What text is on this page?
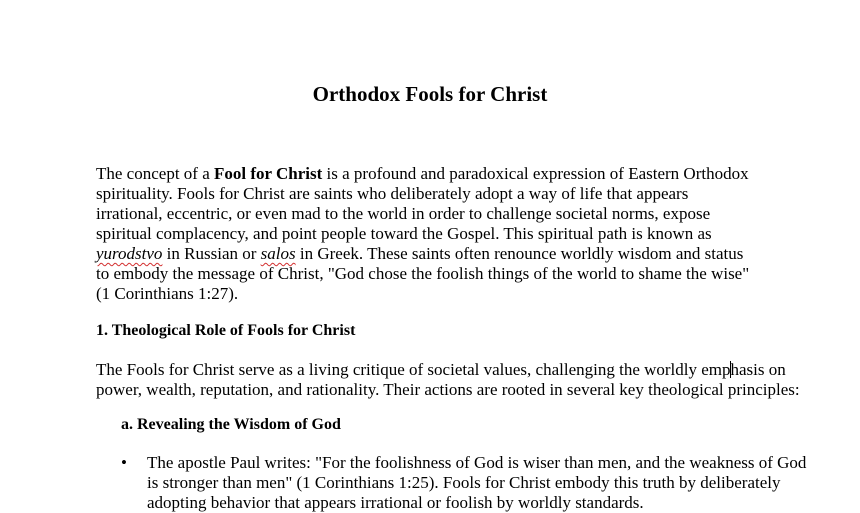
Orthodox Fools for Christ

The concept of a Fool for Christ is a profound and paradoxical expression of Eastern Orthodox
spirituality. Fools for Christ are saints who deliberately adopt a way of life that appears
irrational, eccentric, or even mad to the world in order to challenge societal norms, expose
spiritual complacency, and point people toward the Gospel. This spiritual path is known as
yurodstvo in Russian or salos in Greek. These saints often renounce worldly wisdom and status
to embody the message of Christ, "God chose the foolish things of the world to shame the wise"
(1 Corinthians 1:27).

1. Theological Role of Fools for Christ

The Fools for Christ serve as a living critique of societal values, challenging the worldly emphasis on
power, wealth, reputation, and rationality. Their actions are rooted in several key theological principles:

a. Revealing the Wisdom of God
• The apostle Paul writes: "For the foolishness of God is wiser than men, and the weakness of God
is stronger than men" (1 Corinthians 1:25). Fools for Christ embody this truth by deliberately
adopting behavior that appears irrational or foolish by worldly standards.
